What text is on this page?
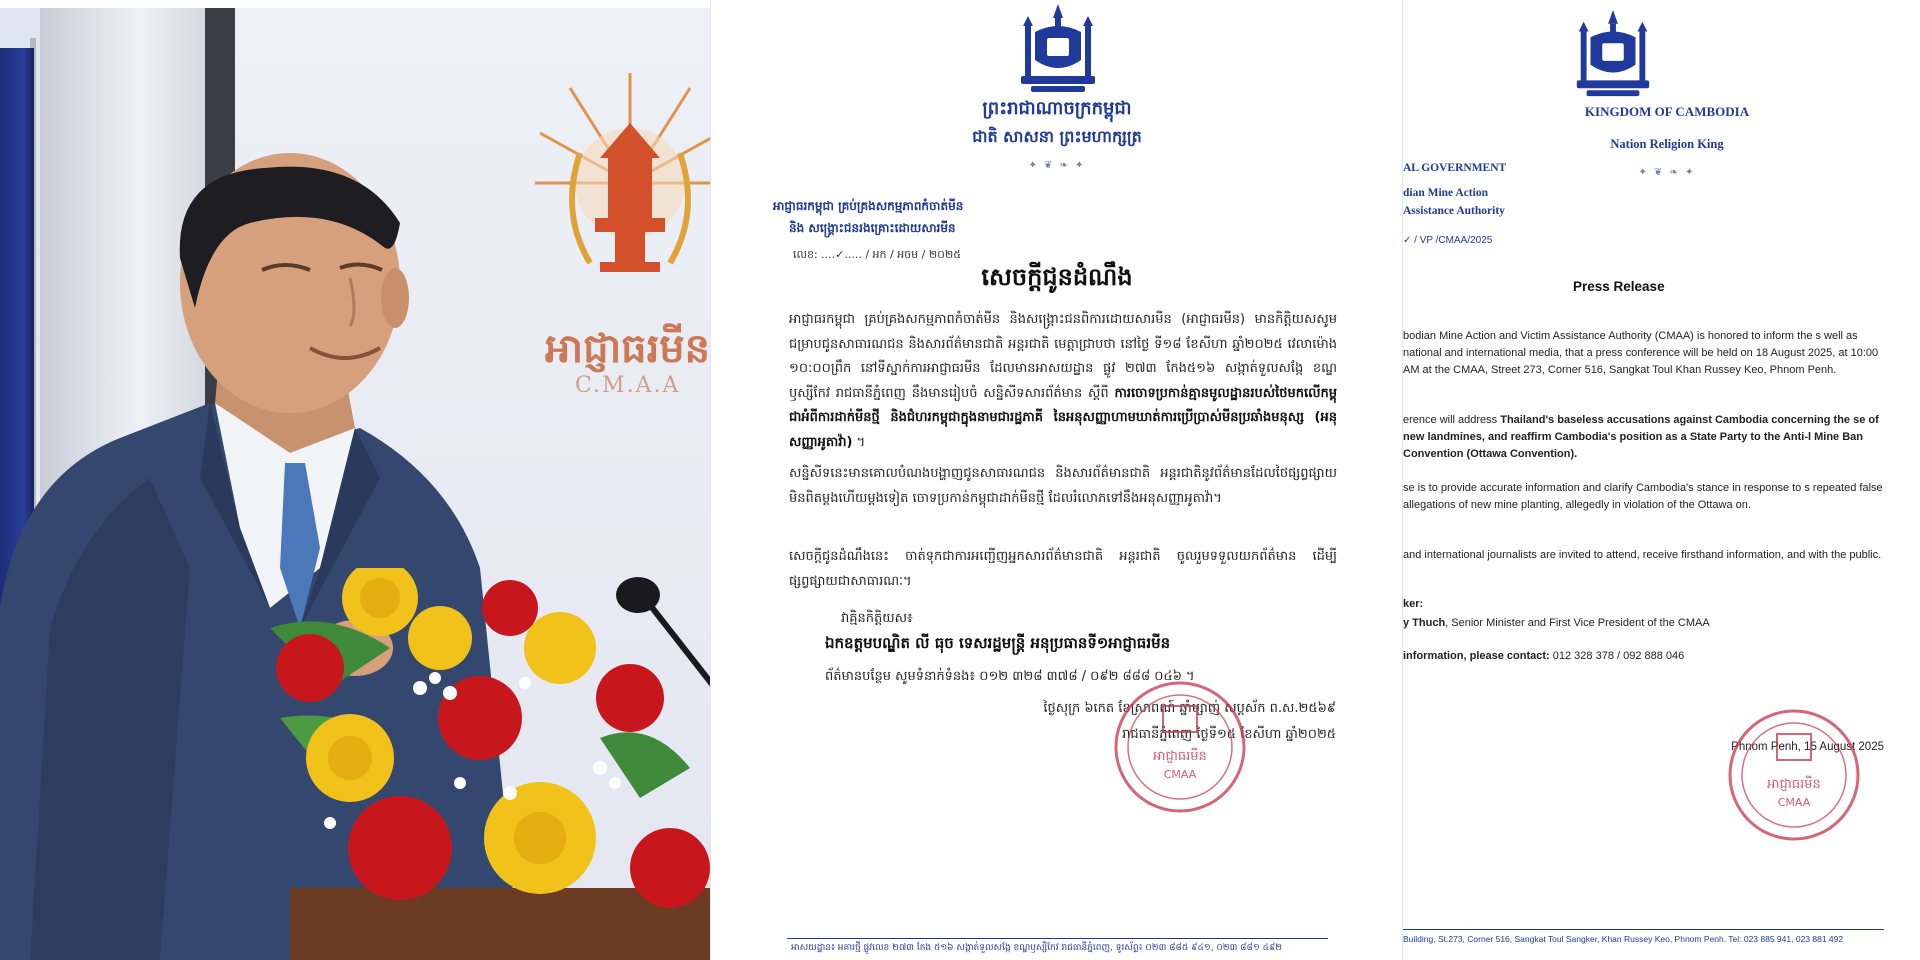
អាជ្ញាធរមីន
C.M.A.A
ព្រះរាជាណាចក្រកម្ពុជា
ជាតិ សាសនា ព្រះមហាក្សត្រ
✦ ❦ ❧ ✦
អាជ្ញាធរកម្ពុជា គ្រប់គ្រងសកម្មភាពកំចាត់មីន
និង សង្គ្រោះជនរងគ្រោះដោយសារមីន
លេខ: ....✓..... / អក / អចម / ២០២៥
សេចក្តីជូនដំណឹង
អាជ្ញាធរកម្ពុជា គ្រប់គ្រងសកម្មភាពកំចាត់មីន និងសង្គ្រោះជនពិការដោយសារមីន (អាជ្ញាធរមីន) មានកិត្តិយសសូមជម្រាបជូនសាធារណជន និងសារព័ត៌មានជាតិ អន្តរជាតិ មេត្តាជ្រាបថា នៅថ្ងៃ ទី១៨ ខែសីហា ឆ្នាំ២០២៥ វេលាម៉ោង ១០:០០ព្រឹក នៅទីស្នាក់ការអាជ្ញាធរមីន ដែលមានអាសយដ្ឋាន ផ្លូវ ២៧៣ កែង៥១៦ សង្កាត់ទួលសង្កែ ខណ្ឌឫស្សីកែវ រាជធានីភ្នំពេញ នឹងមានរៀបចំ សន្និសីទសារព័ត៌មាន ស្តីពី ការចោទប្រកាន់គ្មានមូលដ្ឋានរបស់ថៃមកលើកម្ពុជាអំពីការដាក់មីនថ្មី និងជំហរកម្ពុជាក្នុងនាមជារដ្ឋភាគី នៃអនុសញ្ញាហាមឃាត់ការប្រើប្រាស់មីនប្រឆាំងមនុស្ស (អនុសញ្ញាអូតាវ៉ា) ។
សន្និសីទនេះមានគោលបំណងបង្ហាញជូនសាធារណជន និងសារព័ត៌មានជាតិ អន្តរជាតិនូវព័ត៌មានដែលថៃផ្សព្វផ្សាយមិនពិតម្តងហើយម្តងទៀត ចោទប្រកាន់កម្ពុជាដាក់មីនថ្មី ដែលរំលោភទៅនឹងអនុសញ្ញាអូតាវ៉ា។
សេចក្តីជូនដំណឹងនេះ ចាត់ទុកជាការអញ្ជើញអ្នកសារព័ត៌មានជាតិ អន្តរជាតិ ចូលរួមទទួលយកព័ត៌មាន ដើម្បីផ្សព្វផ្សាយជាសាធារណៈ។
វាគ្មិនកិត្តិយស៖
ឯកឧត្តមបណ្ឌិត លី ធុច ទេសរដ្ឋមន្ត្រី អនុប្រធានទី១អាជ្ញាធរមីន
ព័ត៌មានបន្ថែម សូមទំនាក់ទំនង៖ ០១២ ៣២៨ ៣៧៨ / ០៩២ ៨៨៨ ០៤៦ ។
ថ្ងៃសុក្រ ៦កេត ខែស្រាពណ៍ ឆ្នាំម្សាញ់ សប្តស័ក ព.ស.២៥៦៩
រាជធានីភ្នំពេញ ថ្ងៃទី១៥ ខែសីហា ឆ្នាំ២០២៥
អាជ្ញាធរមីន
CMAA
អាសយដ្ឋាន៖ អគារថ្មី ផ្លូវលេខ ២៧៣ កែង ៥១៦ សង្កាត់ទួលសង្កែ ខណ្ឌឫស្សីកែវ រាជធានីភ្នំពេញ, ទូរស័ព្ទ៖ ០២៣ ៨៨៥ ៩៤១, ០២៣ ៨៨១ ៤៩២
KINGDOM OF CAMBODIA
Nation Religion King
✦ ❦ ❧ ✦
AL GOVERNMENT
dian Mine Action
Assistance Authority
✓ / VP /CMAA/2025
Press Release
bodian Mine Action and Victim Assistance Authority (CMAA) is honored to inform the s well as national and international media, that a press conference will be held on 18 August 2025, at 10:00 AM at the CMAA, Street 273, Corner 516, Sangkat Toul Khan Russey Keo, Phnom Penh.
erence will address Thailand's baseless accusations against Cambodia concerning the se of new landmines, and reaffirm Cambodia's position as a State Party to the Anti-l Mine Ban Convention (Ottawa Convention).
se is to provide accurate information and clarify Cambodia's stance in response to s repeated false allegations of new mine planting, allegedly in violation of the Ottawa on.
and international journalists are invited to attend, receive firsthand information, and with the public.
ker:
y Thuch, Senior Minister and First Vice President of the CMAA
information, please contact: 012 328 378 / 092 888 046
Phnom Penh, 15 August 2025
អាជ្ញាធរមីន
CMAA
Building, St.273, Corner 516, Sangkat Toul Sangker, Khan Russey Keo, Phnom Penh. Tel: 023 885 941, 023 881 492
